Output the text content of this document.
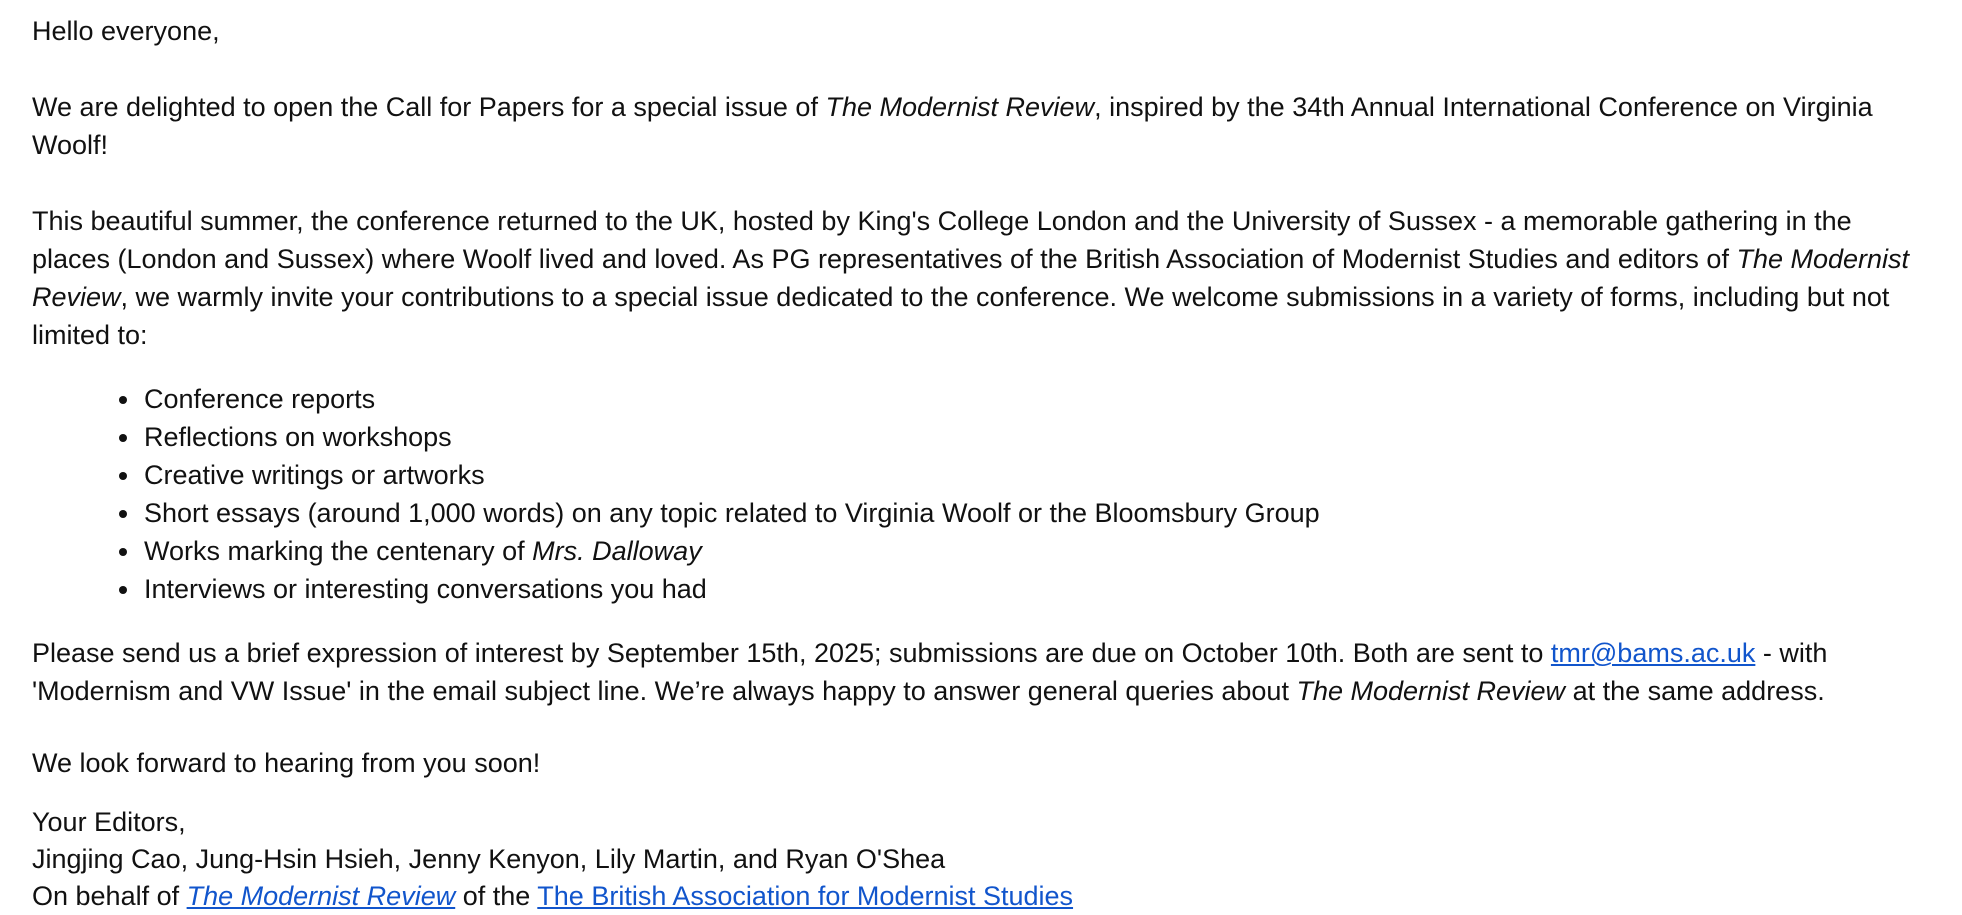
Hello everyone,

We are delighted to open the Call for Papers for a special issue of The Modernist Review, inspired by the 34th Annual International Conference on Virginia Woolf!

This beautiful summer, the conference returned to the UK, hosted by King's College London and the University of Sussex - a memorable gathering in the places (London and Sussex) where Woolf lived and loved. As PG representatives of the British Association of Modernist Studies and editors of The Modernist Review, we warmly invite your contributions to a special issue dedicated to the conference. We welcome submissions in a variety of forms, including but not limited to:

• Conference reports
• Reflections on workshops
• Creative writings or artworks
• Short essays (around 1,000 words) on any topic related to Virginia Woolf or the Bloomsbury Group
• Works marking the centenary of Mrs. Dalloway
• Interviews or interesting conversations you had

Please send us a brief expression of interest by September 15th, 2025; submissions are due on October 10th. Both are sent to tmr@bams.ac.uk - with 'Modernism and VW Issue' in the email subject line. We’re always happy to answer general queries about The Modernist Review at the same address.

We look forward to hearing from you soon!

Your Editors,

Jingjing Cao, Jung-Hsin Hsieh, Jenny Kenyon, Lily Martin, and Ryan O'Shea

On behalf of The Modernist Review of the The British Association for Modernist Studies
